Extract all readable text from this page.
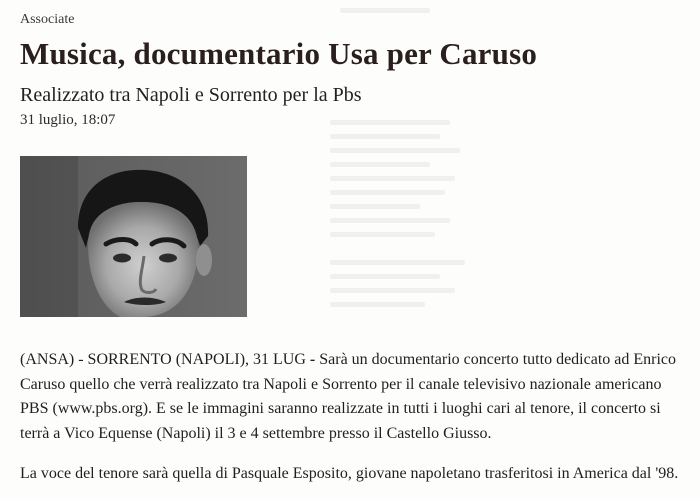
Associate
Musica, documentario Usa per Caruso
Realizzato tra Napoli e Sorrento per la Pbs
31 luglio, 18:07

(ANSA) - SORRENTO (NAPOLI), 31 LUG - Sarà un documentario concerto tutto dedicato ad Enrico Caruso quello che verrà realizzato tra Napoli e Sorrento per il canale televisivo nazionale americano PBS (www.pbs.org). E se le immagini saranno realizzate in tutti i luoghi cari al tenore, il concerto si terrà a Vico Equense (Napoli) il 3 e 4 settembre presso il Castello Giusso.

La voce del tenore sarà quella di Pasquale Esposito, giovane napoletano trasferitosi in America dal '98.
